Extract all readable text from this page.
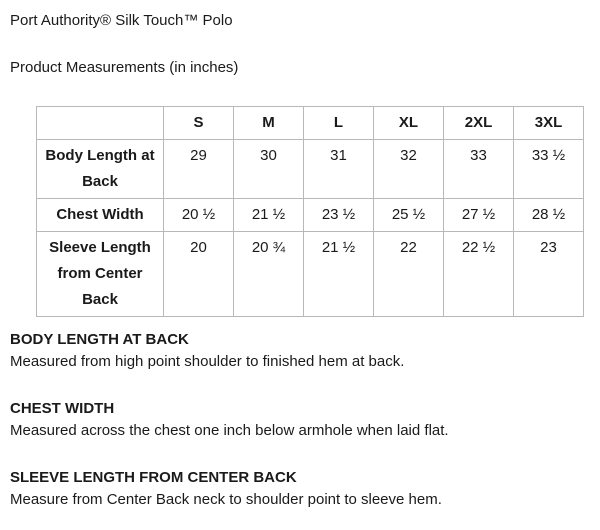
Port Authority® Silk Touch™ Polo
Product Measurements (in inches)
	S	M	L	XL	2XL	3XL
Body Length at Back	29	30	31	32	33	33 ½
Chest Width	20 ½	21 ½	23 ½	25 ½	27 ½	28 ½
Sleeve Length from Center Back	20	20 ¾	21 ½	22	22 ½	23
BODY LENGTH AT BACK
Measured from high point shoulder to finished hem at back.
CHEST WIDTH
Measured across the chest one inch below armhole when laid flat.
SLEEVE LENGTH FROM CENTER BACK
Measure from Center Back neck to shoulder point to sleeve hem.
